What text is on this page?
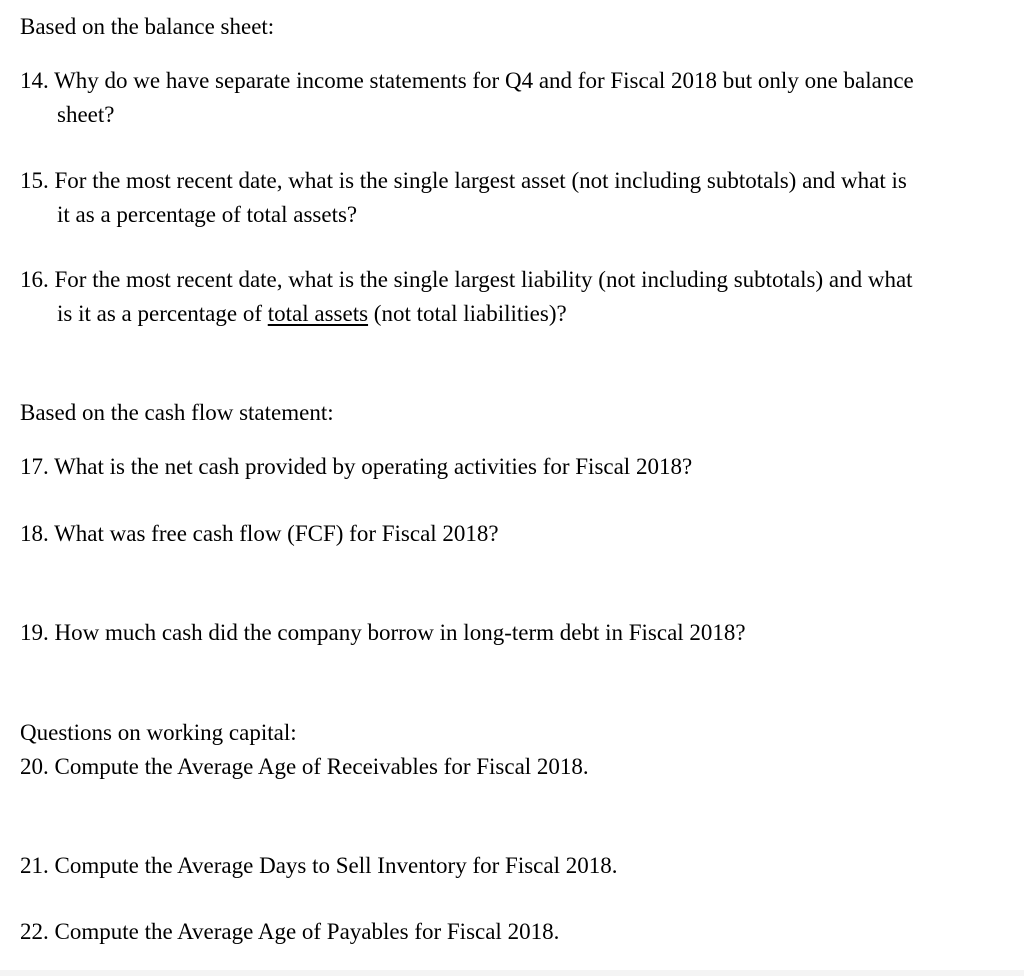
Based on the balance sheet:
14. Why do we have separate income statements for Q4 and for Fiscal 2018 but only one balance
sheet?
15. For the most recent date, what is the single largest asset (not including subtotals) and what is
it as a percentage of total assets?
16. For the most recent date, what is the single largest liability (not including subtotals) and what
is it as a percentage of total assets (not total liabilities)?
Based on the cash flow statement:
17. What is the net cash provided by operating activities for Fiscal 2018?
18. What was free cash flow (FCF) for Fiscal 2018?
19. How much cash did the company borrow in long-term debt in Fiscal 2018?
Questions on working capital:
20. Compute the Average Age of Receivables for Fiscal 2018.
21. Compute the Average Days to Sell Inventory for Fiscal 2018.
22. Compute the Average Age of Payables for Fiscal 2018.
